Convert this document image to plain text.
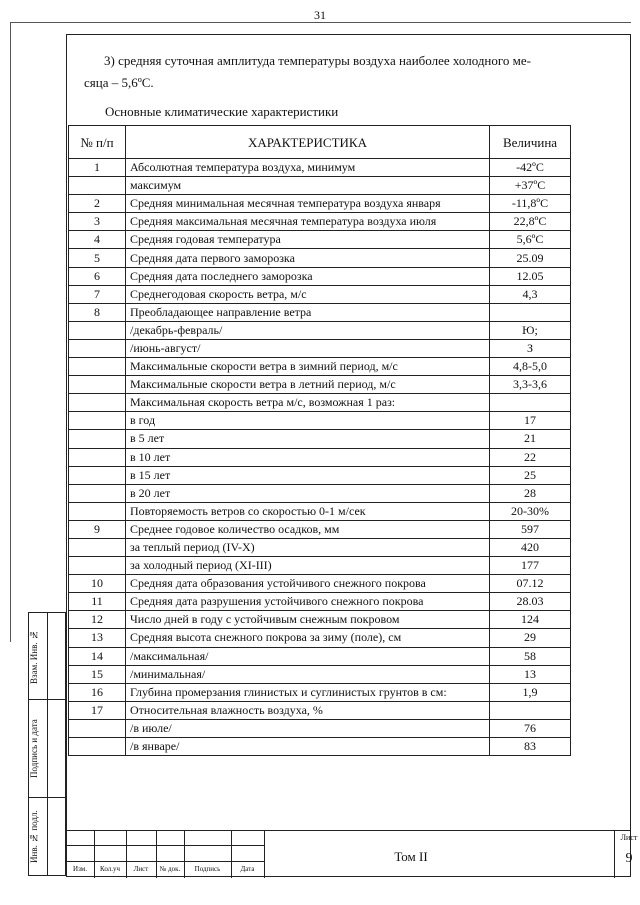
31

3) средняя суточная амплитуда температуры воздуха наиболее холодного ме-

сяца – 5,6ºС.
Основные климатические характеристики
№ п/п	ХАРАКТЕРИСТИКА	Величина
1	Абсолютная температура воздуха, минимум	-42ºС
	максимум	+37ºС
2	Средняя минимальная месячная температура воздуха января	-11,8ºС
3	Средняя максимальная месячная температура воздуха июля	22,8ºС
4	Средняя годовая температура	5,6ºС
5	Средняя дата первого заморозка	25.09
6	Средняя дата последнего заморозка	12.05
7	Среднегодовая скорость ветра, м/с	4,3
8	Преобладающее направление ветра	
	/декабрь-февраль/	Ю;
	/июнь-август/	З
	Максимальные скорости ветра в зимний период, м/с	4,8-5,0
	Максимальные скорости ветра в летний период, м/с	3,3-3,6
	Максимальная скорость ветра м/с, возможная 1 раз:	
	в год	17
	в 5 лет	21
	в 10 лет	22
	в 15 лет	25
	в 20 лет	28
	Повторяемость ветров со скоростью 0-1 м/сек	20-30%
9	Среднее годовое количество осадков, мм	597
	за теплый период (IV-X)	420
	за холодный период (XI-III)	177
10	Средняя дата образования устойчивого снежного покрова	07.12
11	Средняя дата разрушения устойчивого снежного покрова	28.03
12	Число дней в году с устойчивым снежным покровом	124
13	Средняя высота снежного покрова за зиму (поле), см	29
14	/максимальная/	58
15	/минимальная/	13
16	Глубина промерзания глинистых и суглинистых грунтов в см:	1,9
17	Относительная влажность воздуха, %	
	/в июле/	76
	/в январе/	83
Взам. Инв. №
Подпись и дата
Инв. № подл.
Изм.	Кол.уч	Лист	№ док.	Подпись	Дата
Том II
Лист
9
